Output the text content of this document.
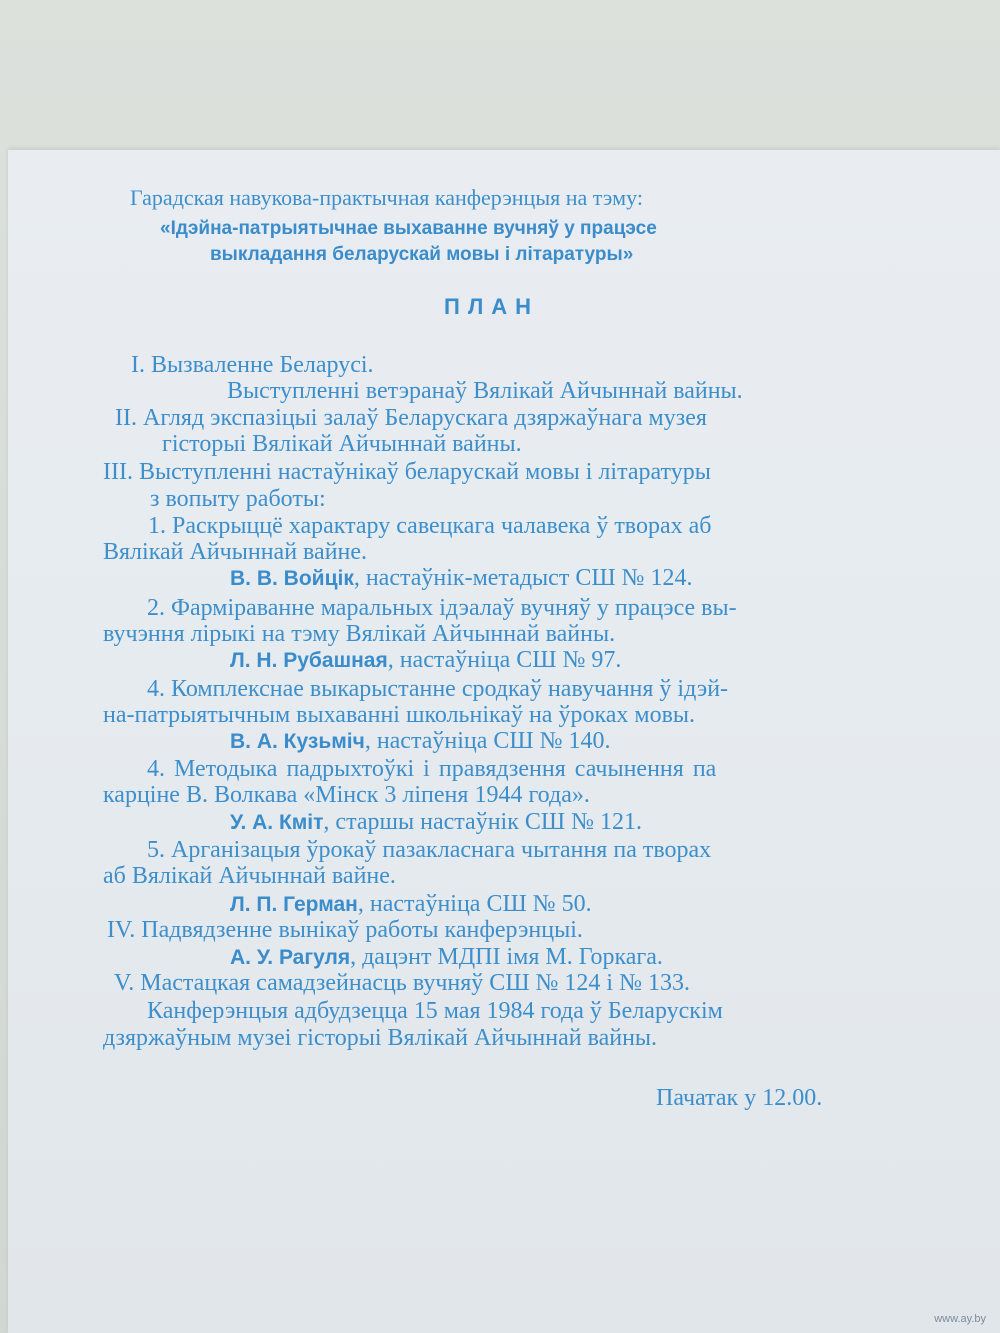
Гарадская навукова-практычная канферэнцыя на тэму:
«Ідэйна-патрыятычнае выхаванне вучняў у працэсе
выкладання беларускай мовы і літаратуры»
ПЛАН
I. Вызваленне Беларусі.
Выступленні ветэранаў Вялікай Айчыннай вайны.
II. Агляд экспазіцыі залаў Беларускага дзяржаўнага музея
гісторыі Вялікай Айчыннай вайны.
III. Выступленні настаўнікаў беларускай мовы і літаратуры
з вопыту работы:
1. Раскрыццё характару савецкага чалавека ў творах аб
Вялікай Айчыннай вайне.
В. В. Войцік, настаўнік-метадыст СШ № 124.
2. Фарміраванне маральных ідэалаў вучняў у працэсе вы-
вучэння лірыкі на тэму Вялікай Айчыннай вайны.
Л. Н. Рубашная, настаўніца СШ № 97.
4. Комплекснае выкарыстанне сродкаў навучання ў ідэй-
на-патрыятычным выхаванні школьнікаў на ўроках мовы.
В. А. Кузьміч, настаўніца СШ № 140.
4. Методыка падрыхтоўкі і правядзення сачынення па
карціне В. Волкава «Мінск 3 ліпеня 1944 года».
У. А. Кміт, старшы настаўнік СШ № 121.
5. Арганізацыя ўрокаў пазакласнага чытання па творах
аб Вялікай Айчыннай вайне.
Л. П. Герман, настаўніца СШ № 50.
IV. Падвядзенне вынікаў работы канферэнцыі.
А. У. Рагуля, дацэнт МДПІ імя М. Горкага.
V. Мастацкая самадзейнасць вучняў СШ № 124 і № 133.
Канферэнцыя адбудзецца 15 мая 1984 года ў Беларускім
дзяржаўным музеі гісторыі Вялікай Айчыннай вайны.
Пачатак у 12.00.
www.ay.by
